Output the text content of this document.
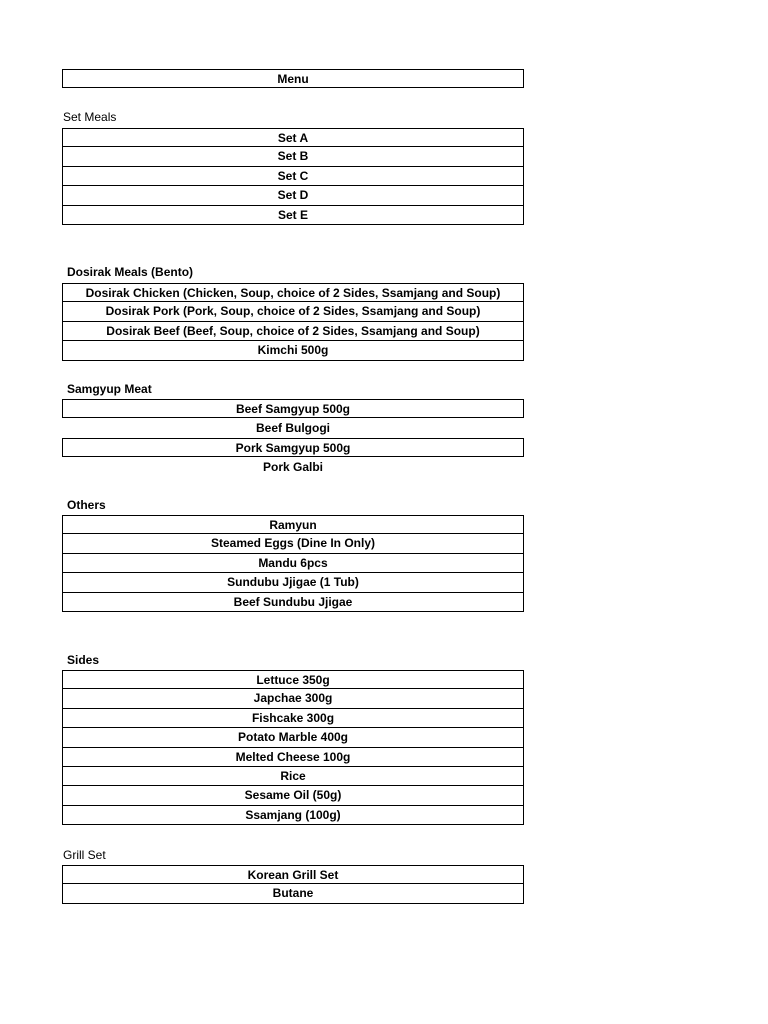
Menu
Set Meals
Set A
Set B
Set C
Set D
Set E
Dosirak Meals (Bento)
Dosirak Chicken (Chicken, Soup, choice of 2 Sides, Ssamjang and Soup)
Dosirak Pork (Pork, Soup, choice of 2 Sides, Ssamjang and Soup)
Dosirak Beef (Beef, Soup, choice of 2 Sides, Ssamjang and Soup)
Kimchi 500g
Samgyup Meat
Beef Samgyup 500g
Beef Bulgogi
Pork Samgyup 500g
Pork Galbi
Others
Ramyun
Steamed Eggs (Dine In Only)
Mandu 6pcs
Sundubu Jjigae (1 Tub)
Beef Sundubu Jjigae
Sides
Lettuce 350g
Japchae 300g
Fishcake 300g
Potato Marble 400g
Melted Cheese 100g
Rice
Sesame Oil (50g)
Ssamjang (100g)
Grill Set
Korean Grill Set
Butane
